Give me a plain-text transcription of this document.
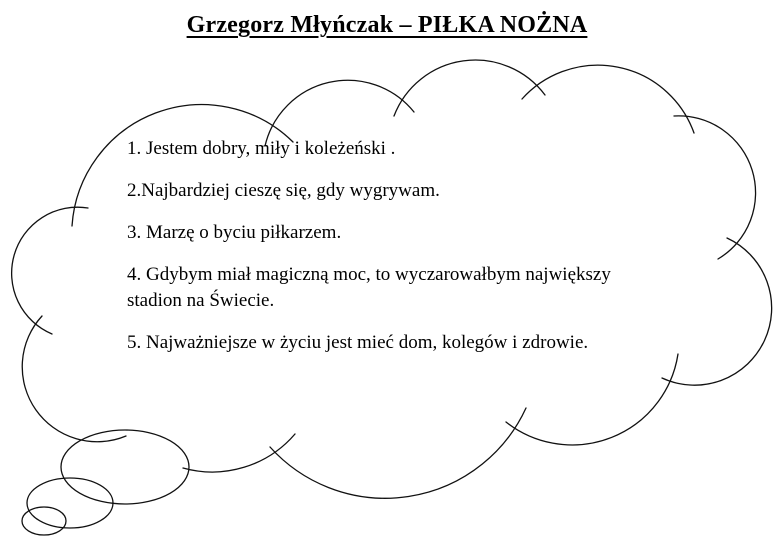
Grzegorz Młyńczak – PIŁKA NOŻNA

1. Jestem dobry, miły i koleżeński .

2.Najbardziej cieszę się, gdy wygrywam.

3. Marzę o byciu piłkarzem.

4. Gdybym miał magiczną moc, to wyczarowałbym największy stadion na Świecie.

5. Najważniejsze w życiu jest mieć dom, kolegów i zdrowie.
